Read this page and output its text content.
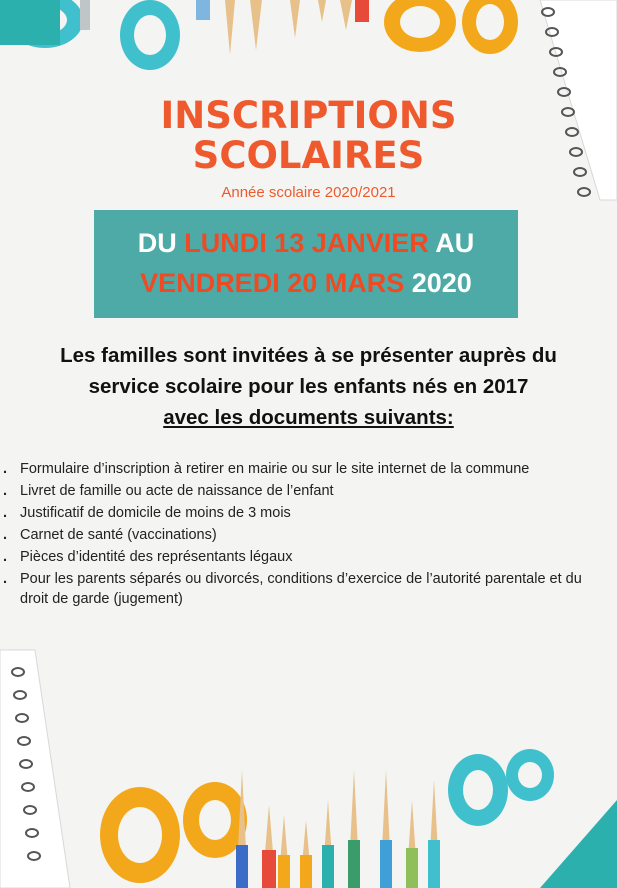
INSCRIPTIONS
SCOLAIRES
Année scolaire 2020/2021
DU LUNDI 13 JANVIER AU
VENDREDI 20 MARS 2020
Les familles sont invitées à se présenter auprès du
service scolaire pour les enfants nés en 2017
avec les documents suivants:
. Formulaire d’inscription à retirer en mairie ou sur le site internet de la commune
. Livret de famille ou acte de naissance de l’enfant
. Justificatif de domicile de moins de 3 mois
. Carnet de santé (vaccinations)
. Pièces d’identité des représentants légaux
. Pour les parents séparés ou divorcés, conditions d’exercice de l’autorité parentale et du droit de garde (jugement)
